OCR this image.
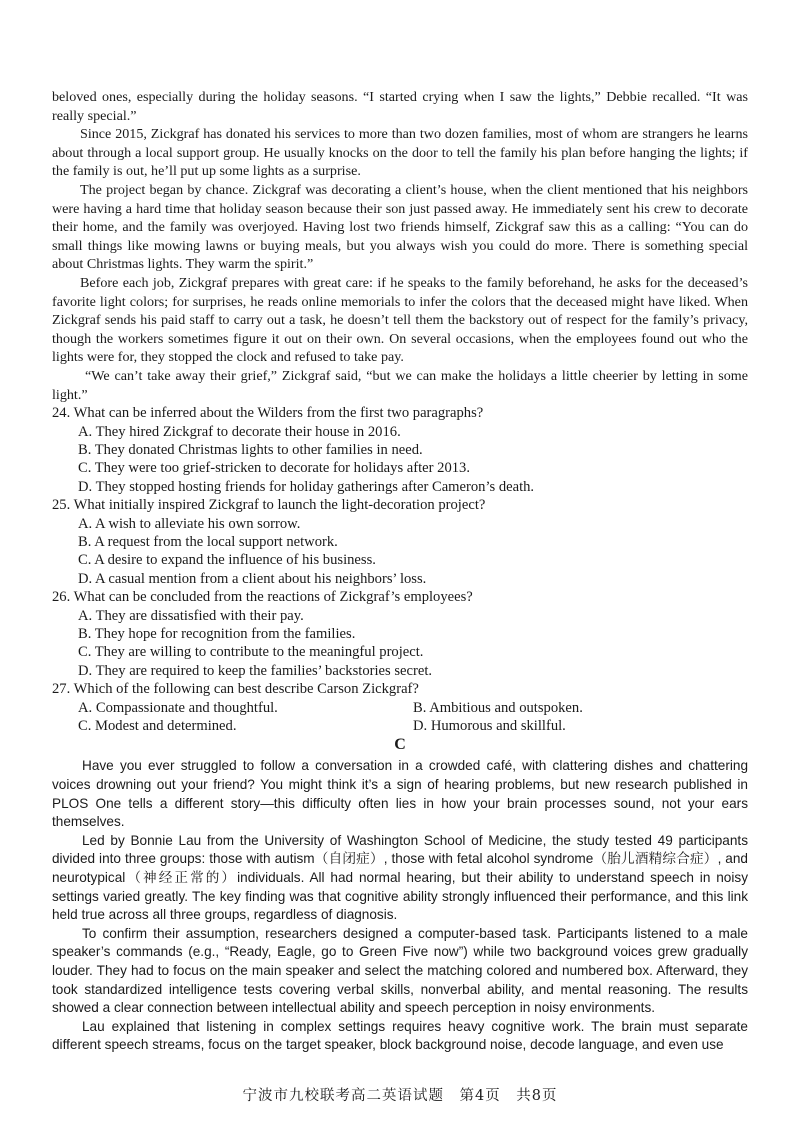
beloved ones, especially during the holiday seasons. “I started crying when I saw the lights,” Debbie recalled. “It was really special.”

Since 2015, Zickgraf has donated his services to more than two dozen families, most of whom are strangers he learns about through a local support group. He usually knocks on the door to tell the family his plan before hanging the lights; if the family is out, he’ll put up some lights as a surprise.

The project began by chance. Zickgraf was decorating a client’s house, when the client mentioned that his neighbors were having a hard time that holiday season because their son just passed away. He immediately sent his crew to decorate their home, and the family was overjoyed. Having lost two friends himself, Zickgraf saw this as a calling: “You can do small things like mowing lawns or buying meals, but you always wish you could do more. There is something special about Christmas lights. They warm the spirit.”

Before each job, Zickgraf prepares with great care: if he speaks to the family beforehand, he asks for the deceased’s favorite light colors; for surprises, he reads online memorials to infer the colors that the deceased might have liked. When Zickgraf sends his paid staff to carry out a task, he doesn’t tell them the backstory out of respect for the family’s privacy, though the workers sometimes figure it out on their own. On several occasions, when the employees found out who the lights were for, they stopped the clock and refused to take pay.

“We can’t take away their grief,” Zickgraf said, “but we can make the holidays a little cheerier by letting in some light.”

24. What can be inferred about the Wilders from the first two paragraphs?
A. They hired Zickgraf to decorate their house in 2016.
B. They donated Christmas lights to other families in need.
C. They were too grief-stricken to decorate for holidays after 2013.
D. They stopped hosting friends for holiday gatherings after Cameron’s death.
25. What initially inspired Zickgraf to launch the light-decoration project?
A. A wish to alleviate his own sorrow.
B. A request from the local support network.
C. A desire to expand the influence of his business.
D. A casual mention from a client about his neighbors’ loss.
26. What can be concluded from the reactions of Zickgraf’s employees?
A. They are dissatisfied with their pay.
B. They hope for recognition from the families.
C. They are willing to contribute to the meaningful project.
D. They are required to keep the families’ backstories secret.
27. Which of the following can best describe Carson Zickgraf?
A. Compassionate and thoughtful.	B. Ambitious and outspoken.
C. Modest and determined.	D. Humorous and skillful.
C

Have you ever struggled to follow a conversation in a crowded café, with clattering dishes and chattering voices drowning out your friend? You might think it’s a sign of hearing problems, but new research published in PLOS One tells a different story—this difficulty often lies in how your brain processes sound, not your ears themselves.

Led by Bonnie Lau from the University of Washington School of Medicine, the study tested 49 participants divided into three groups: those with autism（自闭症）, those with fetal alcohol syndrome（胎儿酒精综合症）, and neurotypical（神经正常的）individuals. All had normal hearing, but their ability to understand speech in noisy settings varied greatly. The key finding was that cognitive ability strongly influenced their performance, and this link held true across all three groups, regardless of diagnosis.

To confirm their assumption, researchers designed a computer-based task. Participants listened to a male speaker’s commands (e.g., “Ready, Eagle, go to Green Five now”) while two background voices grew gradually louder. They had to focus on the main speaker and select the matching colored and numbered box. Afterward, they took standardized intelligence tests covering verbal skills, nonverbal ability, and mental reasoning. The results showed a clear connection between intellectual ability and speech perception in noisy environments.

Lau explained that listening in complex settings requires heavy cognitive work. The brain must separate different speech streams, focus on the target speaker, block background noise, decode language, and even use

宁波市九校联考高二英语试题　第4页　共8页
